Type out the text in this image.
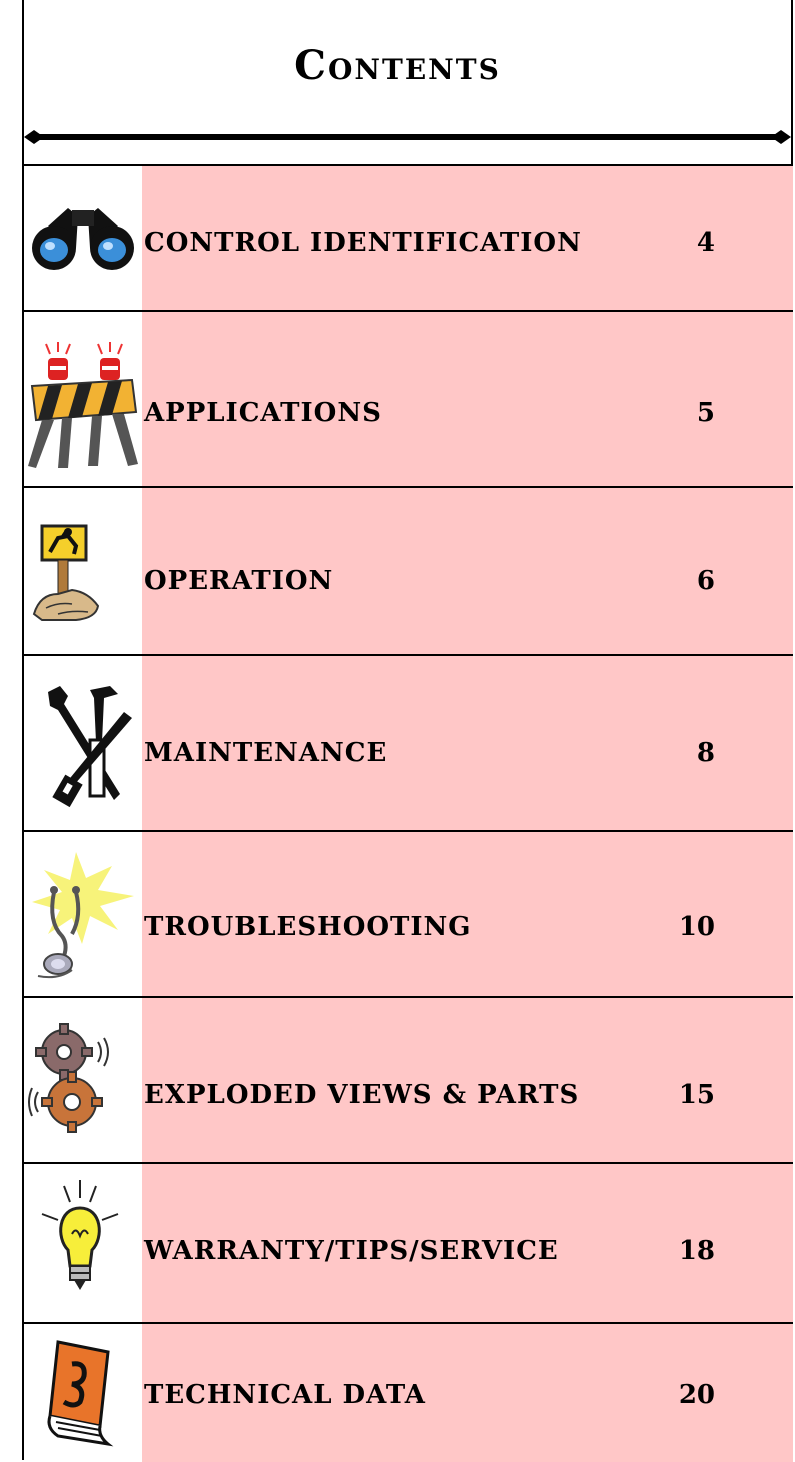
Contents
CONTROL IDENTIFICATION	4
APPLICATIONS	5
OPERATION	6
MAINTENANCE	8
TROUBLESHOOTING	10
EXPLODED VIEWS & PARTS	15
WARRANTY/TIPS/SERVICE	18
TECHNICAL DATA	20
